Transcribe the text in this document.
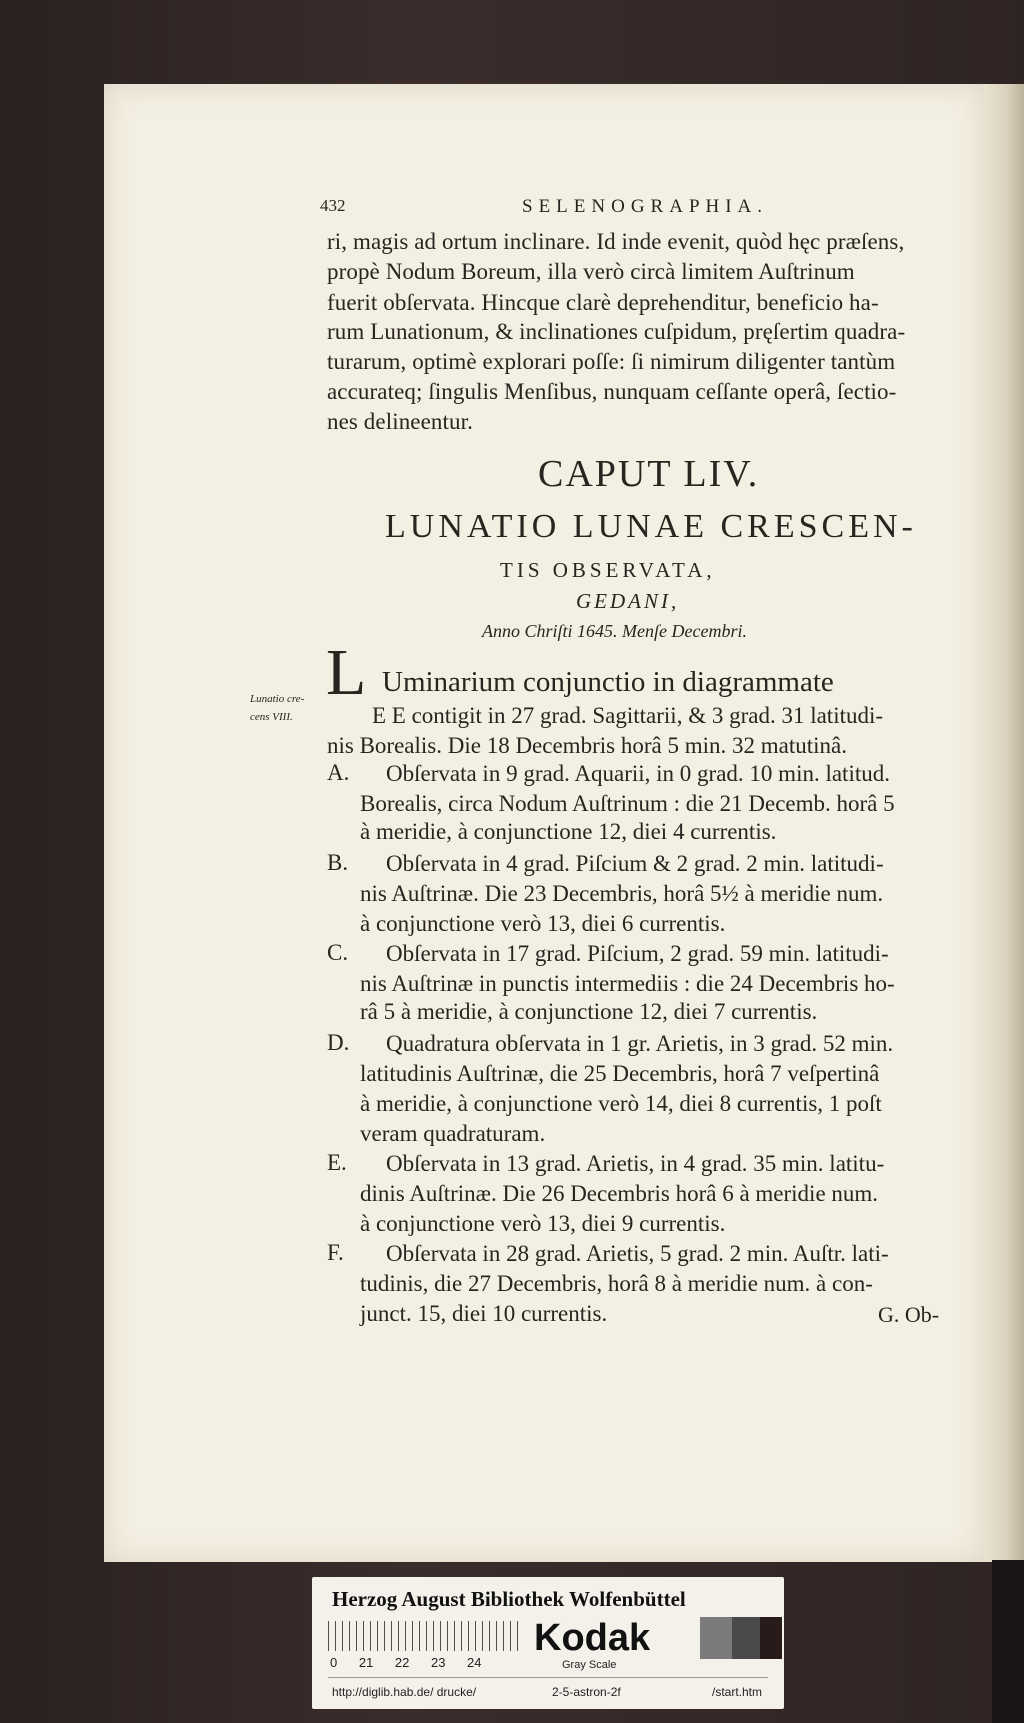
432	SELENOGRAPHIA.
ri, magis ad ortum inclinare. Id inde evenit, quòd hęc præſens,
propè Nodum Boreum, illa verò circà limitem Auſtrinum
fuerit obſervata. Hincque clarè deprehenditur, beneficio ha-
rum Lunationum, & inclinationes cuſpidum, pręſertim quadra-
turarum, optimè explorari poſſe: ſi nimirum diligenter tantùm
accurateq; ſingulis Menſibus, nunquam ceſſante operâ, ſectio-
nes delineentur.
CAPUT LIV.
LUNATIO LUNAE CRESCEN-
TIS OBSERVATA,
GEDANI,
Anno Chriſti 1645. Menſe Decembri.
Lunatio cre-
cens VIII.
L Uminarium conjunctio in diagrammate
E E contigit in 27 grad. Sagittarii, & 3 grad. 31 latitudi-
nis Borealis. Die 18 Decembris horâ 5 min. 32 matutinâ.
A. Obſervata in 9 grad. Aquarii, in 0 grad. 10 min. latitud.
Borealis, circa Nodum Auſtrinum : die 21 Decemb. horâ 5
à meridie, à conjunctione 12, diei 4 currentis.
B. Obſervata in 4 grad. Piſcium & 2 grad. 2 min. latitudi-
nis Auſtrinæ. Die 23 Decembris, horâ 5½ à meridie num.
à conjunctione verò 13, diei 6 currentis.
C. Obſervata in 17 grad. Piſcium, 2 grad. 59 min. latitudi-
nis Auſtrinæ in punctis intermediis : die 24 Decembris ho-
râ 5 à meridie, à conjunctione 12, diei 7 currentis.
D. Quadratura obſervata in 1 gr. Arietis, in 3 grad. 52 min.
latitudinis Auſtrinæ, die 25 Decembris, horâ 7 veſpertinâ
à meridie, à conjunctione verò 14, diei 8 currentis, 1 poſt
veram quadraturam.
E. Obſervata in 13 grad. Arietis, in 4 grad. 35 min. latitu-
dinis Auſtrinæ. Die 26 Decembris horâ 6 à meridie num.
à conjunctione verò 13, diei 9 currentis.
F. Obſervata in 28 grad. Arietis, 5 grad. 2 min. Auſtr. lati-
tudinis, die 27 Decembris, horâ 8 à meridie num. à con-
junct. 15, diei 10 currentis.	G. Ob-
Herzog August Bibliothek Wolfenbüttel
0 21 22 23 24
Kodak
Gray Scale
http://diglib.hab.de/ drucke/	2-5-astron-2f	/start.htm
